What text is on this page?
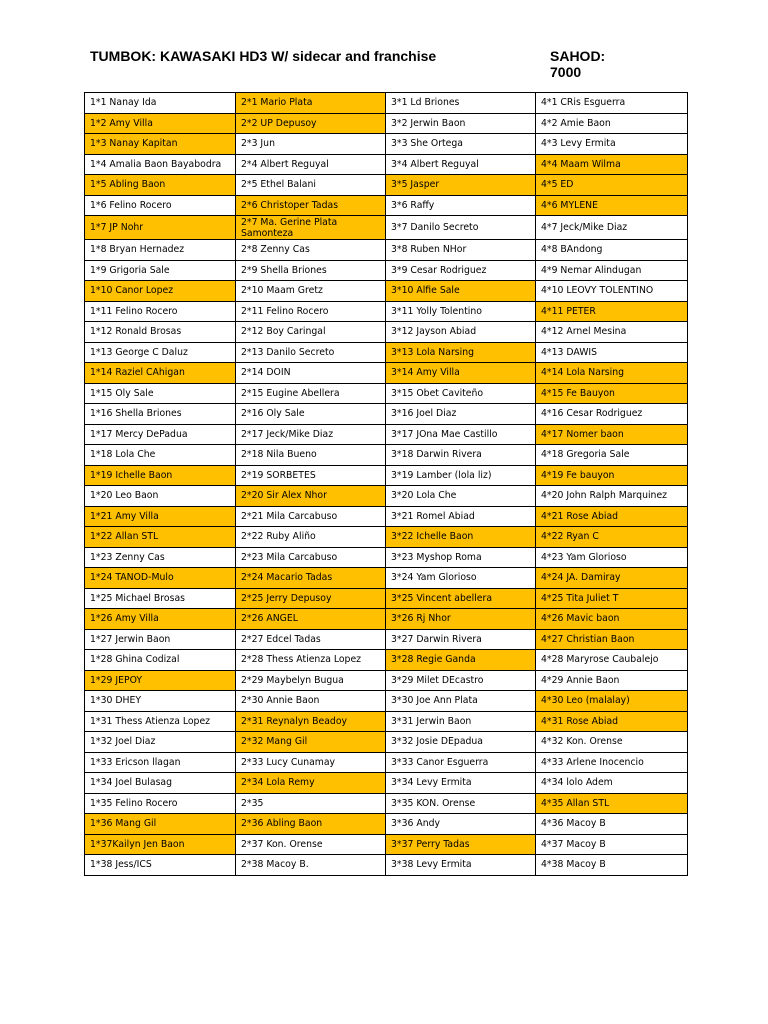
TUMBOK: KAWASAKI HD3 W/ sidecar and franchise	SAHOD: 7000
1*1 Nanay Ida	2*1 Mario Plata	3*1 Ld Briones	4*1 CRis Esguerra
1*2 Amy Villa	2*2 UP Depusoy	3*2 Jerwin Baon	4*2 Amie Baon
1*3 Nanay Kapitan	2*3 Jun	3*3 She Ortega	4*3 Levy Ermita
1*4 Amalia Baon Bayabodra	2*4 Albert Reguyal	3*4 Albert Reguyal	4*4 Maam Wilma
1*5 Abling Baon	2*5 Ethel Balani	3*5 Jasper	4*5 ED
1*6 Felino Rocero	2*6 Christoper Tadas	3*6 Raffy	4*6 MYLENE
1*7 JP Nohr	2*7 Ma. Gerine Plata Samonteza	3*7 Danilo Secreto	4*7 Jeck/Mike Diaz
1*8 Bryan Hernadez	2*8 Zenny Cas	3*8 Ruben NHor	4*8 BAndong
1*9 Grigoria Sale	2*9 Shella Briones	3*9 Cesar Rodriguez	4*9 Nemar Alindugan
1*10 Canor Lopez	2*10 Maam Gretz	3*10 Alfie Sale	4*10 LEOVY TOLENTINO
1*11 Felino Rocero	2*11 Felino Rocero	3*11 Yolly Tolentino	4*11 PETER
1*12 Ronald Brosas	2*12 Boy Caringal	3*12 Jayson Abiad	4*12 Arnel Mesina
1*13 George C Daluz	2*13 Danilo Secreto	3*13 Lola Narsing	4*13 DAWIS
1*14 Raziel CAhigan	2*14 DOIN	3*14 Amy Villa	4*14 Lola Narsing
1*15 Oly Sale	2*15 Eugine Abellera	3*15 Obet Caviteño	4*15 Fe Bauyon
1*16 Shella Briones	2*16 Oly Sale	3*16 Joel Diaz	4*16 Cesar Rodriguez
1*17 Mercy DePadua	2*17 Jeck/Mike Diaz	3*17 JOna Mae Castillo	4*17 Nomer baon
1*18 Lola Che	2*18 Nila Bueno	3*18 Darwin Rivera	4*18 Gregoria Sale
1*19 Ichelle Baon	2*19 SORBETES	3*19 Lamber (lola liz)	4*19 Fe bauyon
1*20 Leo Baon	2*20 Sir Alex Nhor	3*20 Lola Che	4*20 John Ralph Marquinez
1*21 Amy Villa	2*21 Mila Carcabuso	3*21 Romel Abiad	4*21 Rose Abiad
1*22 Allan STL	2*22 Ruby Aliño	3*22 Ichelle Baon	4*22 Ryan C
1*23 Zenny Cas	2*23 Mila Carcabuso	3*23 Myshop Roma	4*23 Yam Glorioso
1*24 TANOD-Mulo	2*24 Macario Tadas	3*24 Yam Glorioso	4*24 JA. Damiray
1*25 Michael Brosas	2*25 Jerry Depusoy	3*25 Vincent abellera	4*25 Tita Juliet T
1*26 Amy Villa	2*26 ANGEL	3*26 Rj Nhor	4*26 Mavic baon
1*27 Jerwin Baon	2*27 Edcel Tadas	3*27 Darwin Rivera	4*27 Christian Baon
1*28 Ghina Codizal	2*28 Thess Atienza Lopez	3*28 Regie Ganda	4*28 Maryrose Caubalejo
1*29 JEPOY	2*29 Maybelyn Bugua	3*29 Milet DEcastro	4*29 Annie Baon
1*30 DHEY	2*30 Annie Baon	3*30 Joe Ann Plata	4*30 Leo (malalay)
1*31 Thess Atienza Lopez	2*31 Reynalyn Beadoy	3*31 Jerwin Baon	4*31 Rose Abiad
1*32 Joel Diaz	2*32 Mang Gil	3*32 Josie DEpadua	4*32 Kon. Orense
1*33 Ericson llagan	2*33 Lucy Cunamay	3*33 Canor Esguerra	4*33 Arlene Inocencio
1*34 Joel Bulasag	2*34 Lola Remy	3*34 Levy Ermita	4*34 lolo Adem
1*35 Felino Rocero	2*35	3*35 KON. Orense	4*35 Allan STL
1*36 Mang Gil	2*36 Abling Baon	3*36 Andy	4*36 Macoy B
1*37Kailyn Jen Baon	2*37 Kon. Orense	3*37 Perry Tadas	4*37 Macoy B
1*38 Jess/ICS	2*38 Macoy B.	3*38 Levy Ermita	4*38 Macoy B
